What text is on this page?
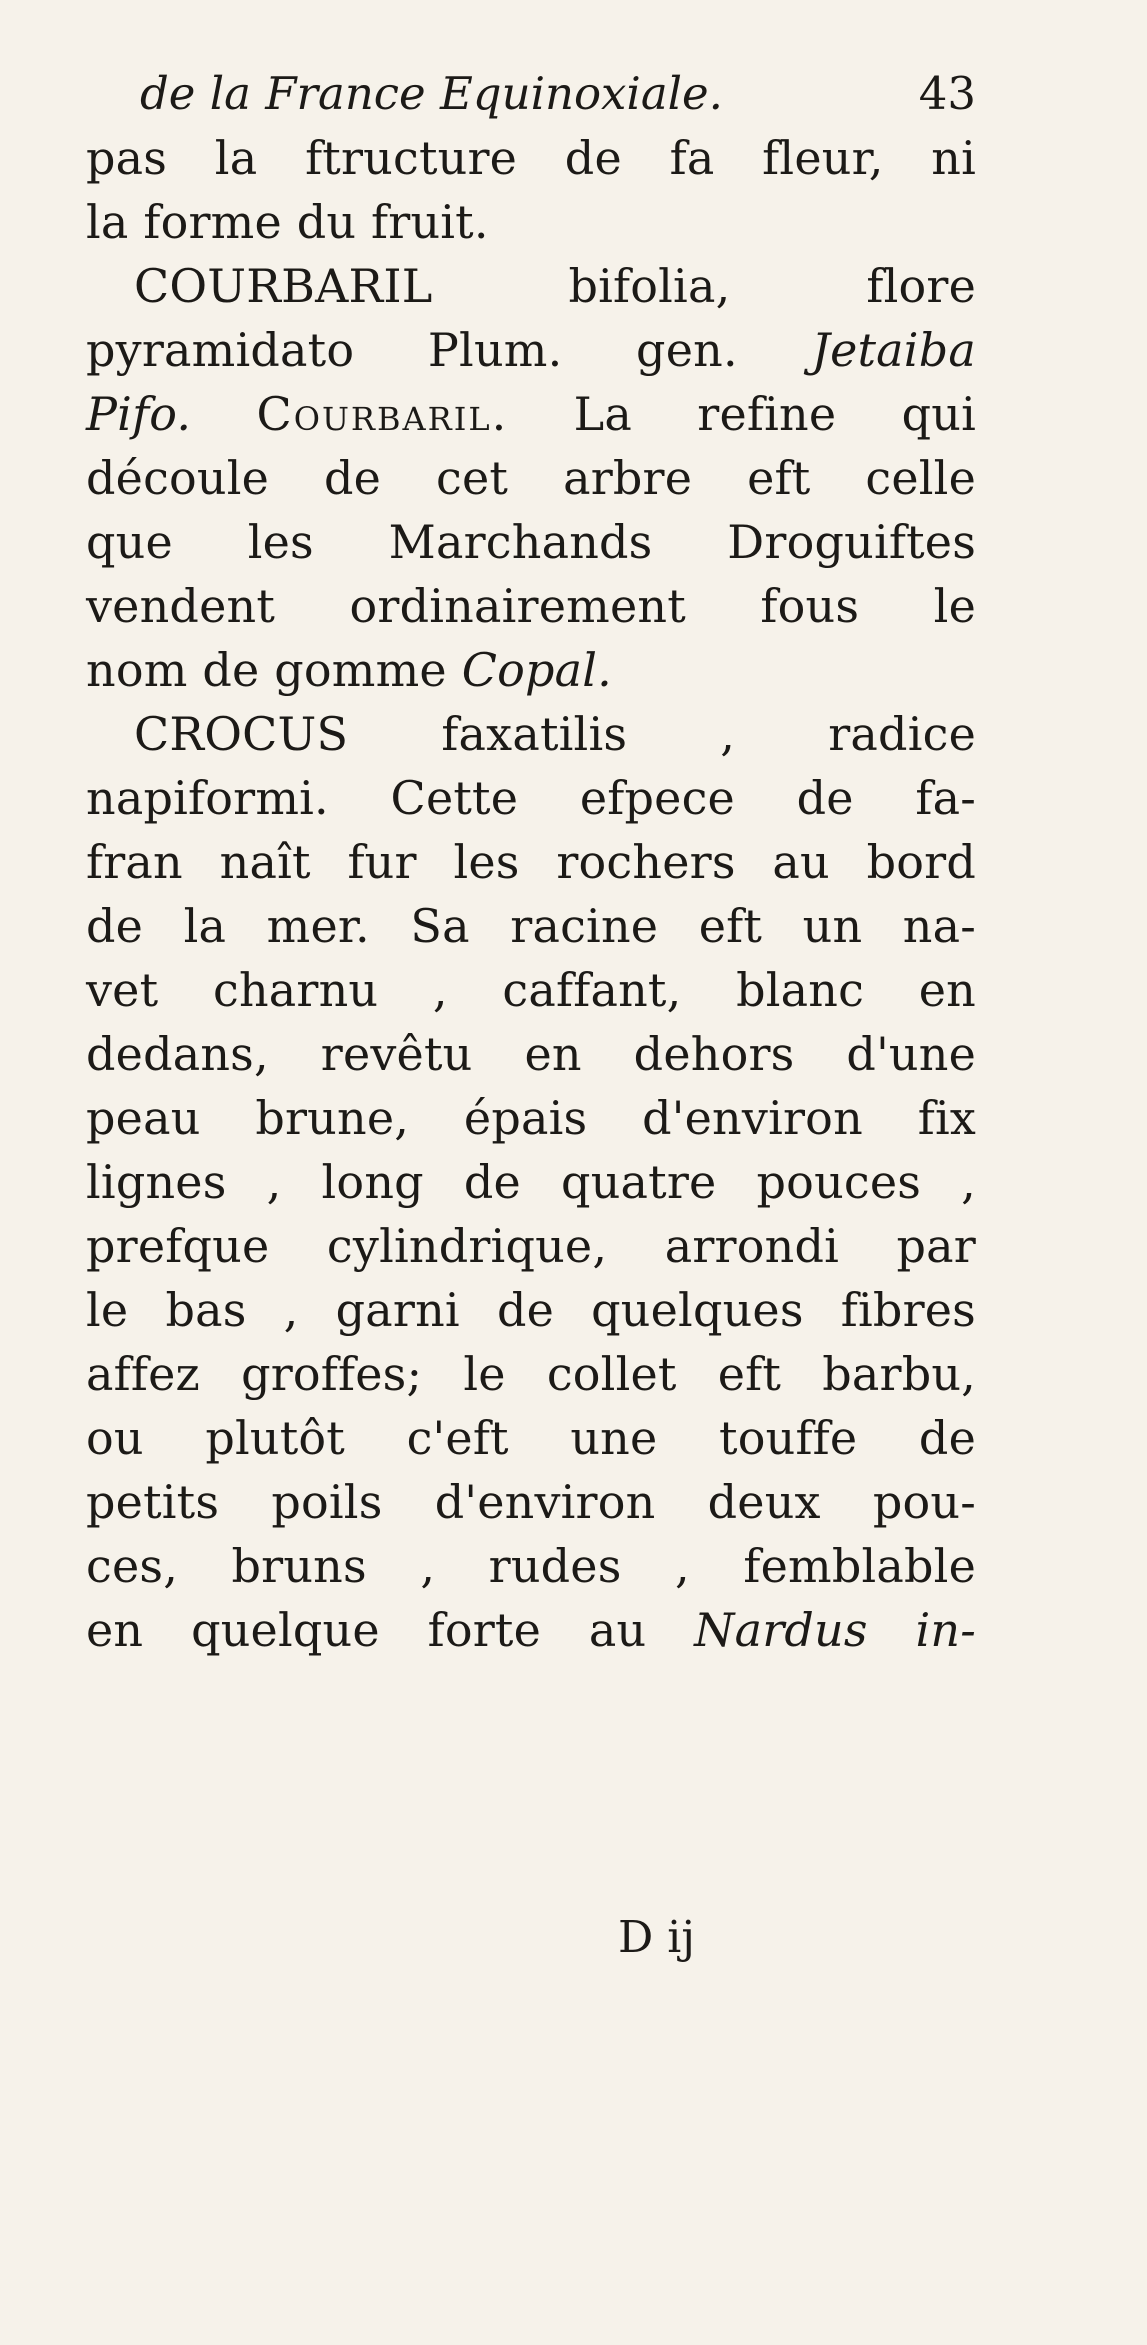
de la France Equinoxiale.	43
pas la ftructure de fa fleur, ni
la forme du fruit.
COURBARIL bifolia, flore
pyramidato Plum. gen. Jetaiba
Pifo. Courbaril. La refine qui
découle de cet arbre eft celle
que les Marchands Droguiftes
vendent ordinairement fous le
nom de gomme Copal.
CROCUS faxatilis , radice
napiformi. Cette efpece de fa-
fran naît fur les rochers au bord
de la mer. Sa racine eft un na-
vet charnu , caffant, blanc en
dedans, revêtu en dehors d'une
peau brune, épais d'environ fix
lignes , long de quatre pouces ,
prefque cylindrique, arrondi par
le bas , garni de quelques fibres
affez groffes; le collet eft barbu,
ou plutôt c'eft une touffe de
petits poils d'environ deux pou-
ces, bruns , rudes , femblable
en quelque forte au Nardus in-
D ij
